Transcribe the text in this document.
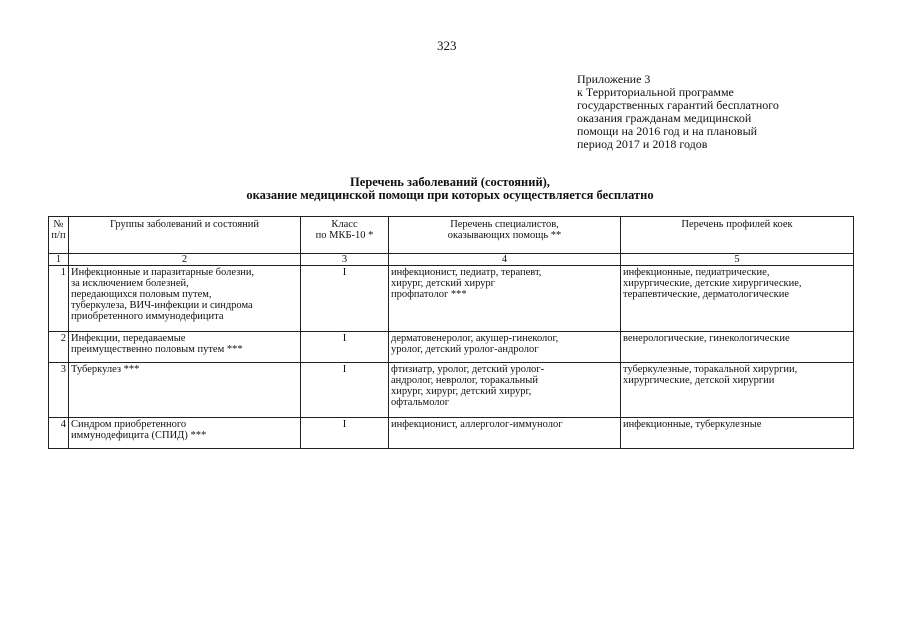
323
Приложение 3
к Территориальной программе
государственных гарантий бесплатного
оказания гражданам медицинской
помощи на 2016 год и на плановый
период 2017 и 2018 годов
Перечень заболеваний (состояний),
оказание медицинской помощи при которых осуществляется бесплатно
№
п/п	Группы заболеваний и состояний	Класс
по МКБ-10 *	Перечень специалистов,
оказывающих помощь **	Перечень профилей коек

1	2	3	4	5
1	Инфекционные и паразитарные болезни,
за исключением болезней,
передающихся половым путем,
туберкулеза, ВИЧ-инфекции и синдрома
приобретенного иммунодефицита	I	инфекционист, педиатр, терапевт,
хирург, детский хирург
профпатолог ***	инфекционные, педиатрические,
хирургические, детские хирургические,
терапевтические, дерматологические

2	Инфекции, передаваемые
преимущественно половым путем ***	I	дерматовенеролог, акушер-гинеколог,
уролог, детский уролог-андролог	венерологические, гинекологические

3	Туберкулез ***	I	фтизиатр, уролог, детский уролог-
андролог, невролог, торакальный
хирург, хирург, детский хирург,
офтальмолог	туберкулезные, торакальной хирургии,
хирургические, детской хирургии

4	Синдром приобретенного
иммунодефицита (СПИД) ***	I	инфекционист, аллерголог-иммунолог	инфекционные, туберкулезные
